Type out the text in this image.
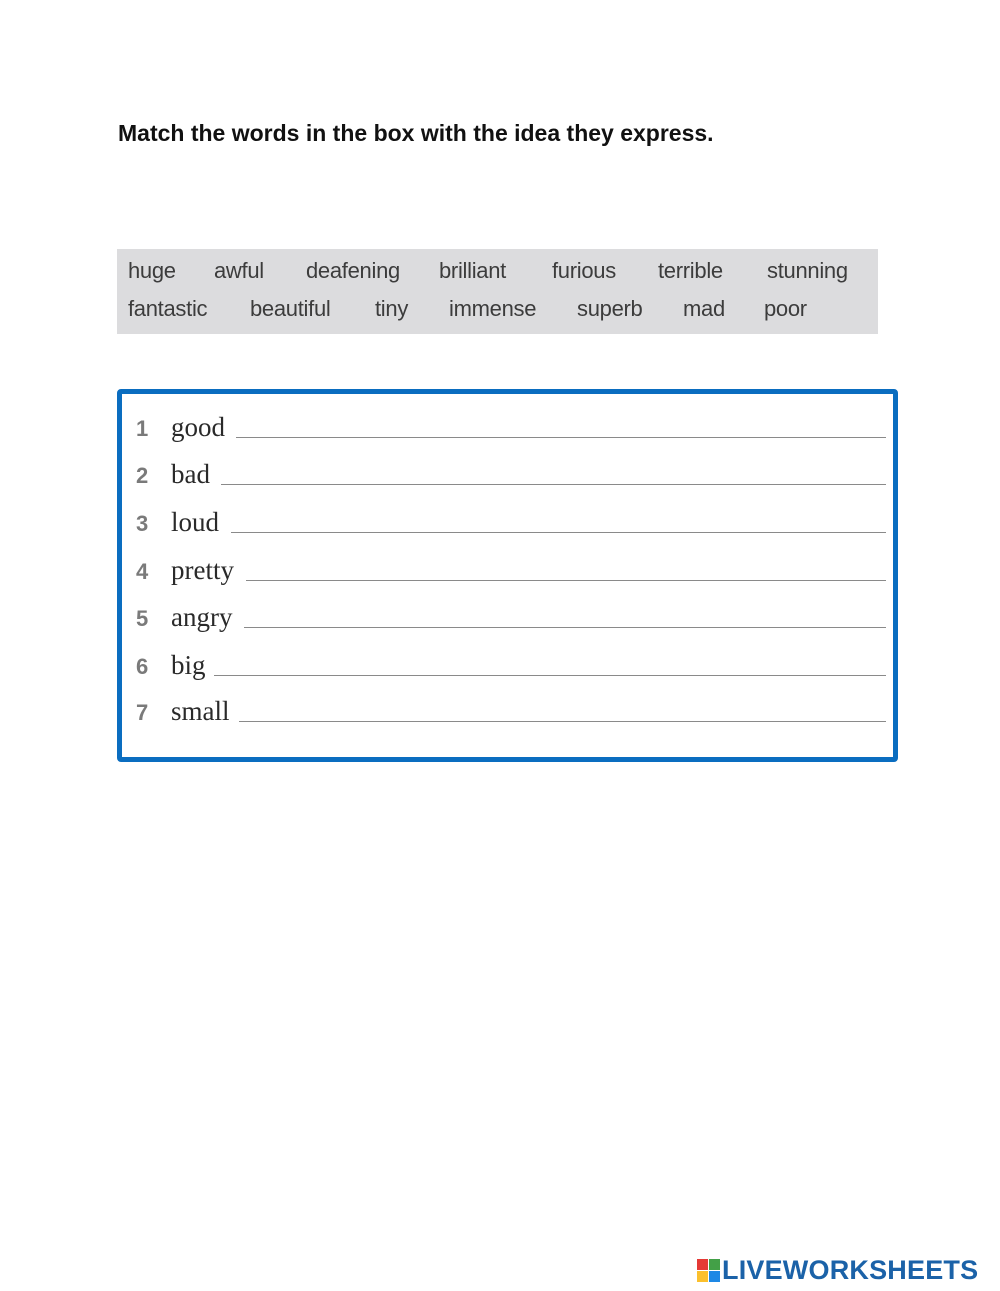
Match the words in the box with the idea they express.
huge awful deafening brilliant furious terrible stunning
fantastic beautiful tiny immense superb mad poor
1 good
2 bad
3 loud
4 pretty
5 angry
6 big
7 small
LIVEWORKSHEETS
